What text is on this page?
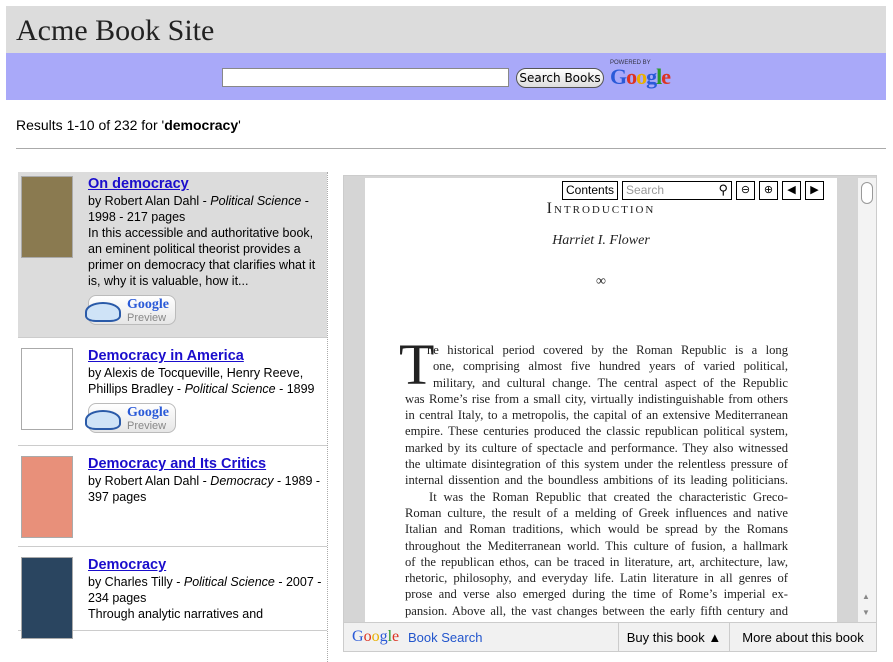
Acme Book Site
Search Books
POWERED BY
Google
Results 1-10 of 232 for 'democracy'
On democracy
by Robert Alan Dahl - Political Science - 1998 - 217 pages
In this accessible and authoritative book, an eminent political theorist provides a primer on democracy that clarifies what it is, why it is valuable, how it...
Google
Preview
Democracy in America
by Alexis de Tocqueville, Henry Reeve, Phillips Bradley - Political Science - 1899
Google
Preview
Democracy and Its Critics
by Robert Alan Dahl - Democracy - 1989 - 397 pages
Democracy
by Charles Tilly - Political Science - 2007 - 234 pages
Through analytic narratives and
Introduction
Harriet I. Flower
∞
T
he historical period covered by the Roman Republic is a long
one, comprising almost five hundred years of varied political,
military, and cultural change. The central aspect of the Republic
was Rome’s rise from a small city, virtually indistinguishable from others
in central Italy, to a metropolis, the capital of an extensive Mediterranean
empire. These centuries produced the classic republican political system,
marked by its culture of spectacle and performance. They also witnessed
the ultimate disintegration of this system under the relentless pressure of
internal dissention and the boundless ambitions of its leading politicians.
It was the Roman Republic that created the characteristic Greco-
Roman culture, the result of a melding of Greek influences and native
Italian and Roman traditions, which would be spread by the Romans
throughout the Mediterranean world. This culture of fusion, a hallmark
of the republican ethos, can be traced in literature, art, architecture, law,
rhetoric, philosophy, and everyday life. Latin literature in all genres of
prose and verse also emerged during the time of Rome’s imperial ex-
pansion. Above all, the vast changes between the early fifth century and
Contents	Search	⚲	⊖	⊕	◀	▶
▲
▼
Google Book Search	Buy this book ▲	More about this book
